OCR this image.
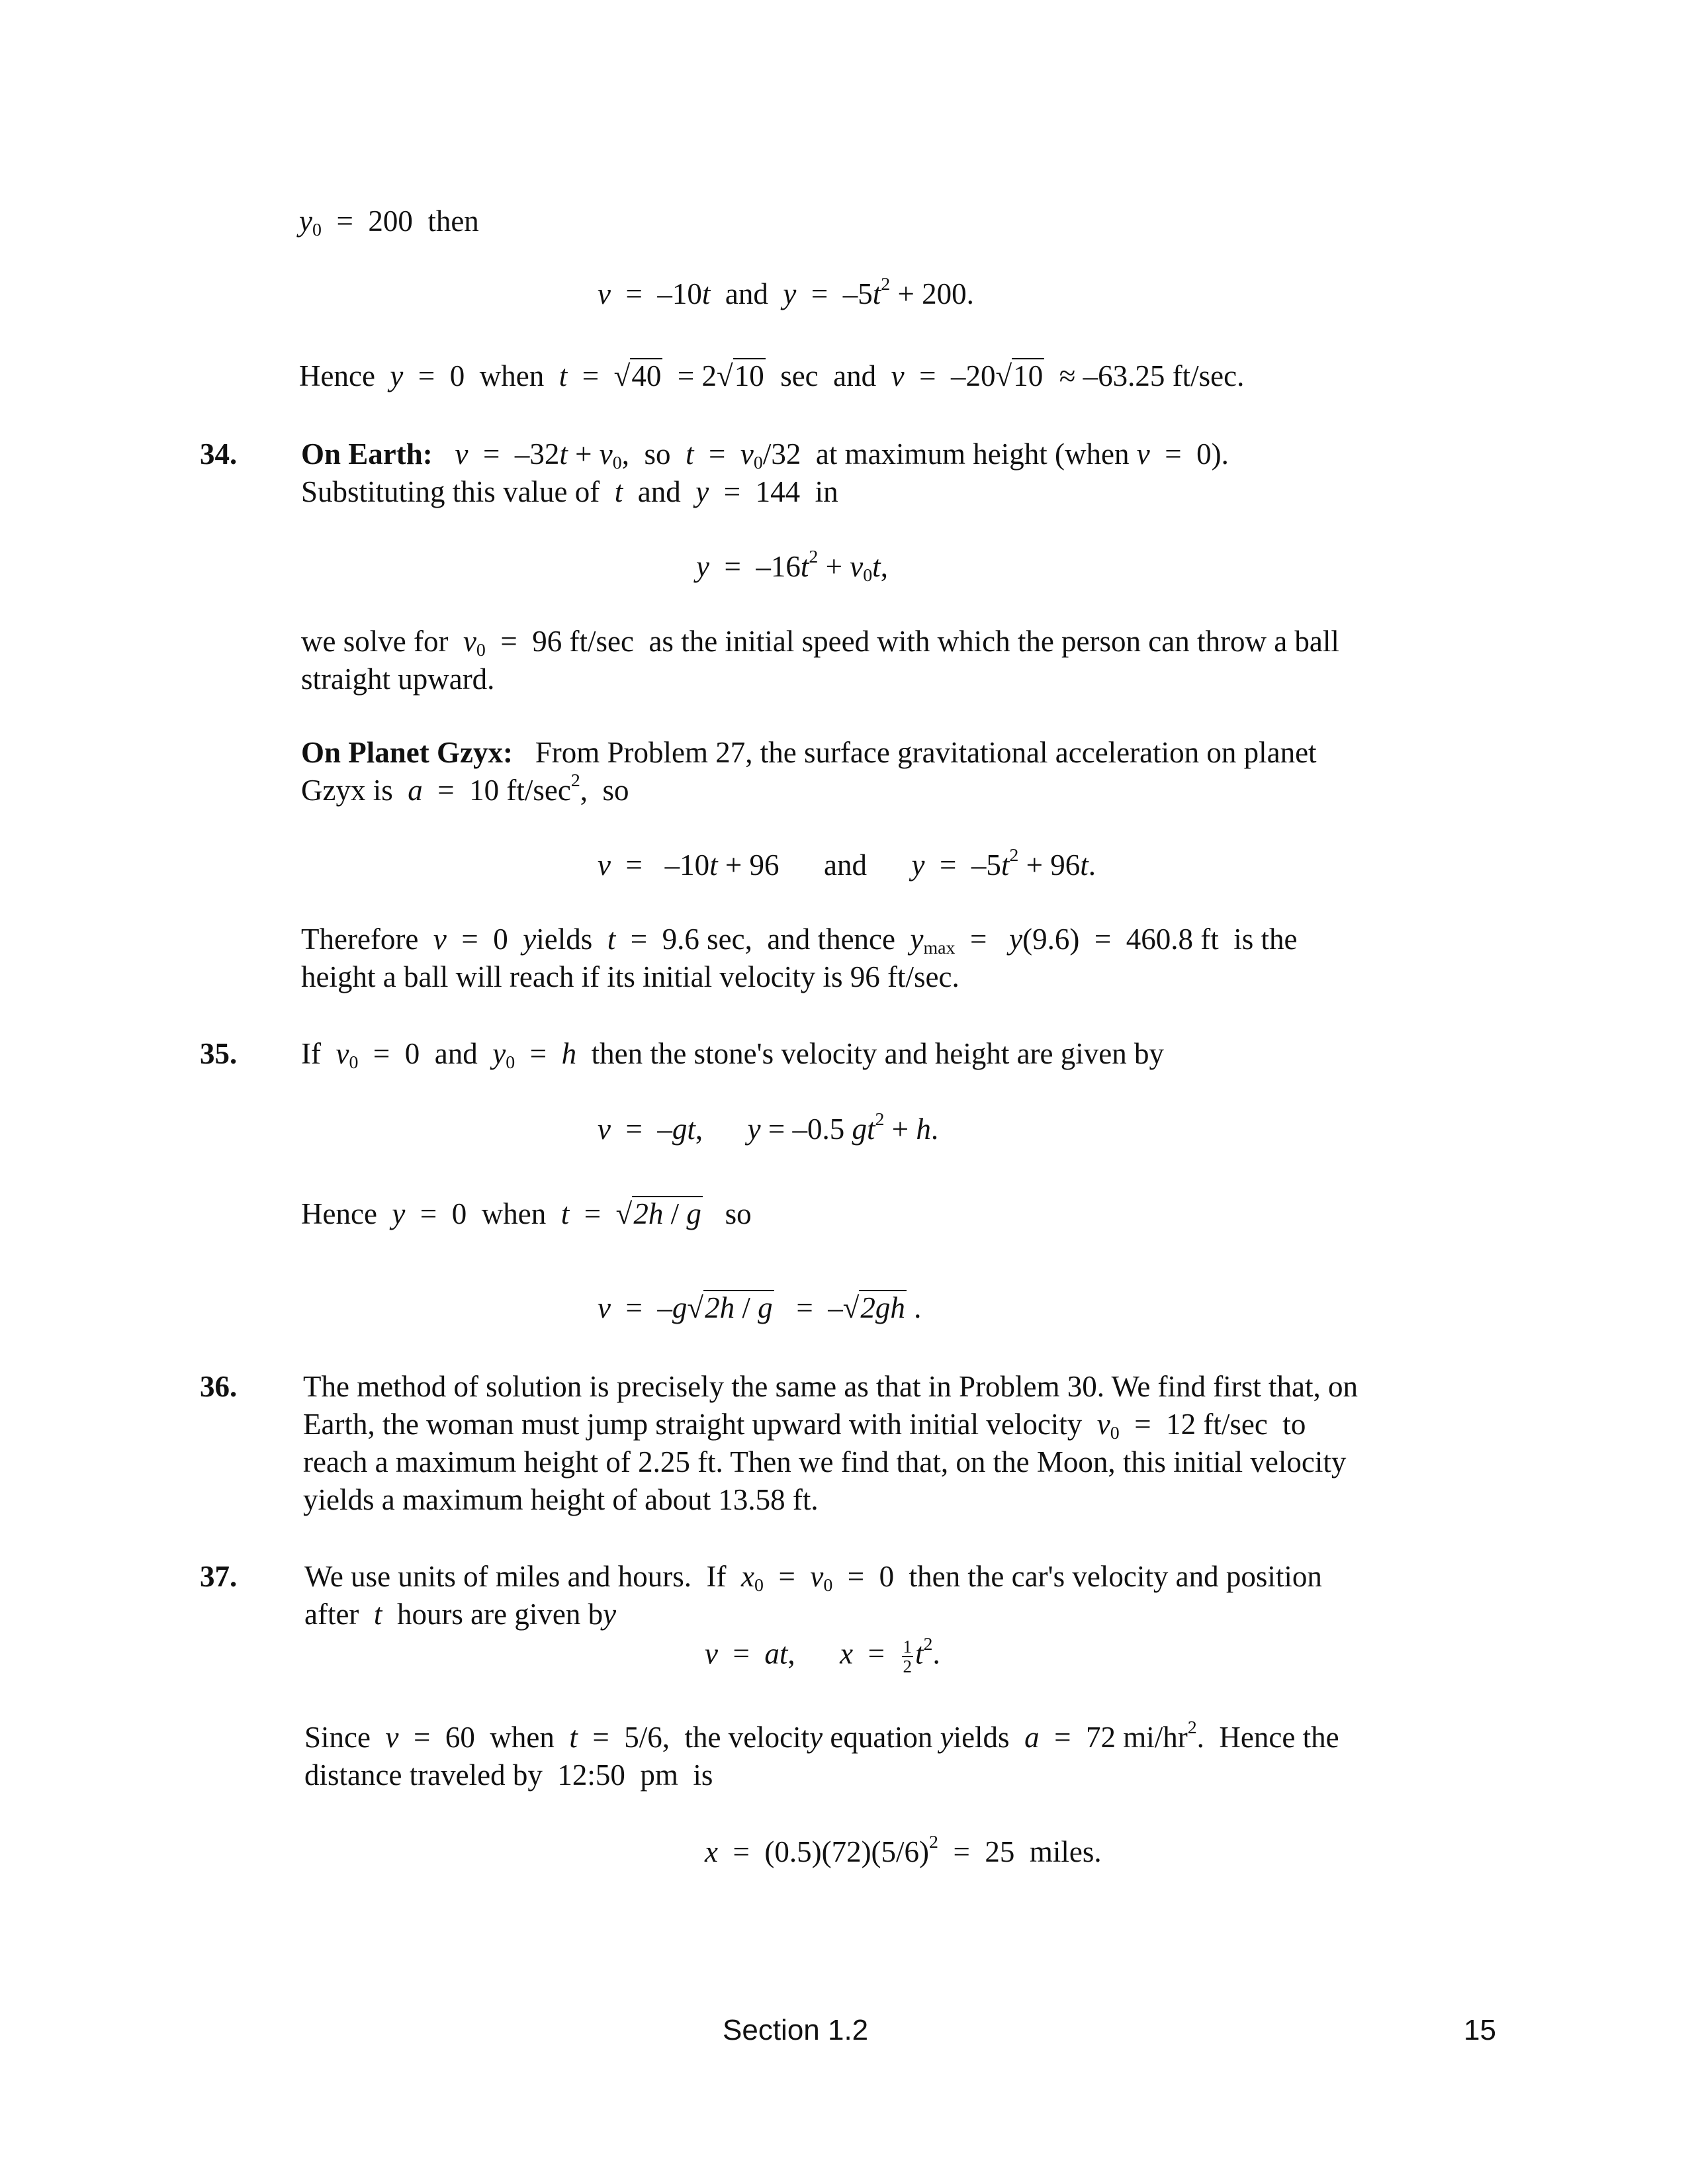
$y_0 = 200$  then
v  =  –10t  and  $y = -5t^2 + 200$.
Hence  y  =  0  when  t  =  √40  = 2√10  sec  and  v  =  –20√10  ≈ –63.25 ft/sec.
34. On Earth: $v = -32t + v_0$,  so  $t = v_0/32$  at maximum height (when v  =  0).
Substituting this value of  t  and  y  =  144  in
$y = -16t^2 + v_0t$,
we solve for  $v_0 = 96$ ft/sec  as the initial speed with which the person can throw a ball
straight upward.
On Planet Gzyx: From Problem 27, the surface gravitational acceleration on planet
Gzyx is  a  =  10 $ft/\sec^2$,  so
v  =   –10t + 96      and      $y = -5t^2 + 96t$.
Therefore  v  =  0  yields  t  =  9.6 sec,  and thence  $y_{max} = y(9.6) = 460.8$ ft  is the
height a ball will reach if its initial velocity is 96 ft/sec.
35. If  $v_0 = 0$  and  $y_0 = h$  then the stone's velocity and height are given by
v  =  –gt,      y = –0.5 $gt^2 + h$.
Hence  y  =  0  when  t  =  √2h / g   so
v  =  –g√2h / g   =  –√2gh .
36. The method of solution is precisely the same as that in Problem 30. We find first that, on
Earth, the woman must jump straight upward with initial velocity  $v_0 = 12$ ft/sec  to
reach a maximum height of 2.25 ft. Then we find that, on the Moon, this initial velocity
yields a maximum height of about 13.58 ft.
37. We use units of miles and hours.  If  $x_0 = v_0 = 0$  then the car's velocity and position
after  t  hours are given by
v  =  at,      $x = \frac{1}{2} t^2$.
Since  v  =  60  when  t  =  5/6,  the velocity equation yields  a  =  72 $mi/hr^2$.  Hence the
distance traveled by  12:50  pm  is
$x = (0.5)(72)(5/6)^2 = 25$  miles.
Section 1.2	15
